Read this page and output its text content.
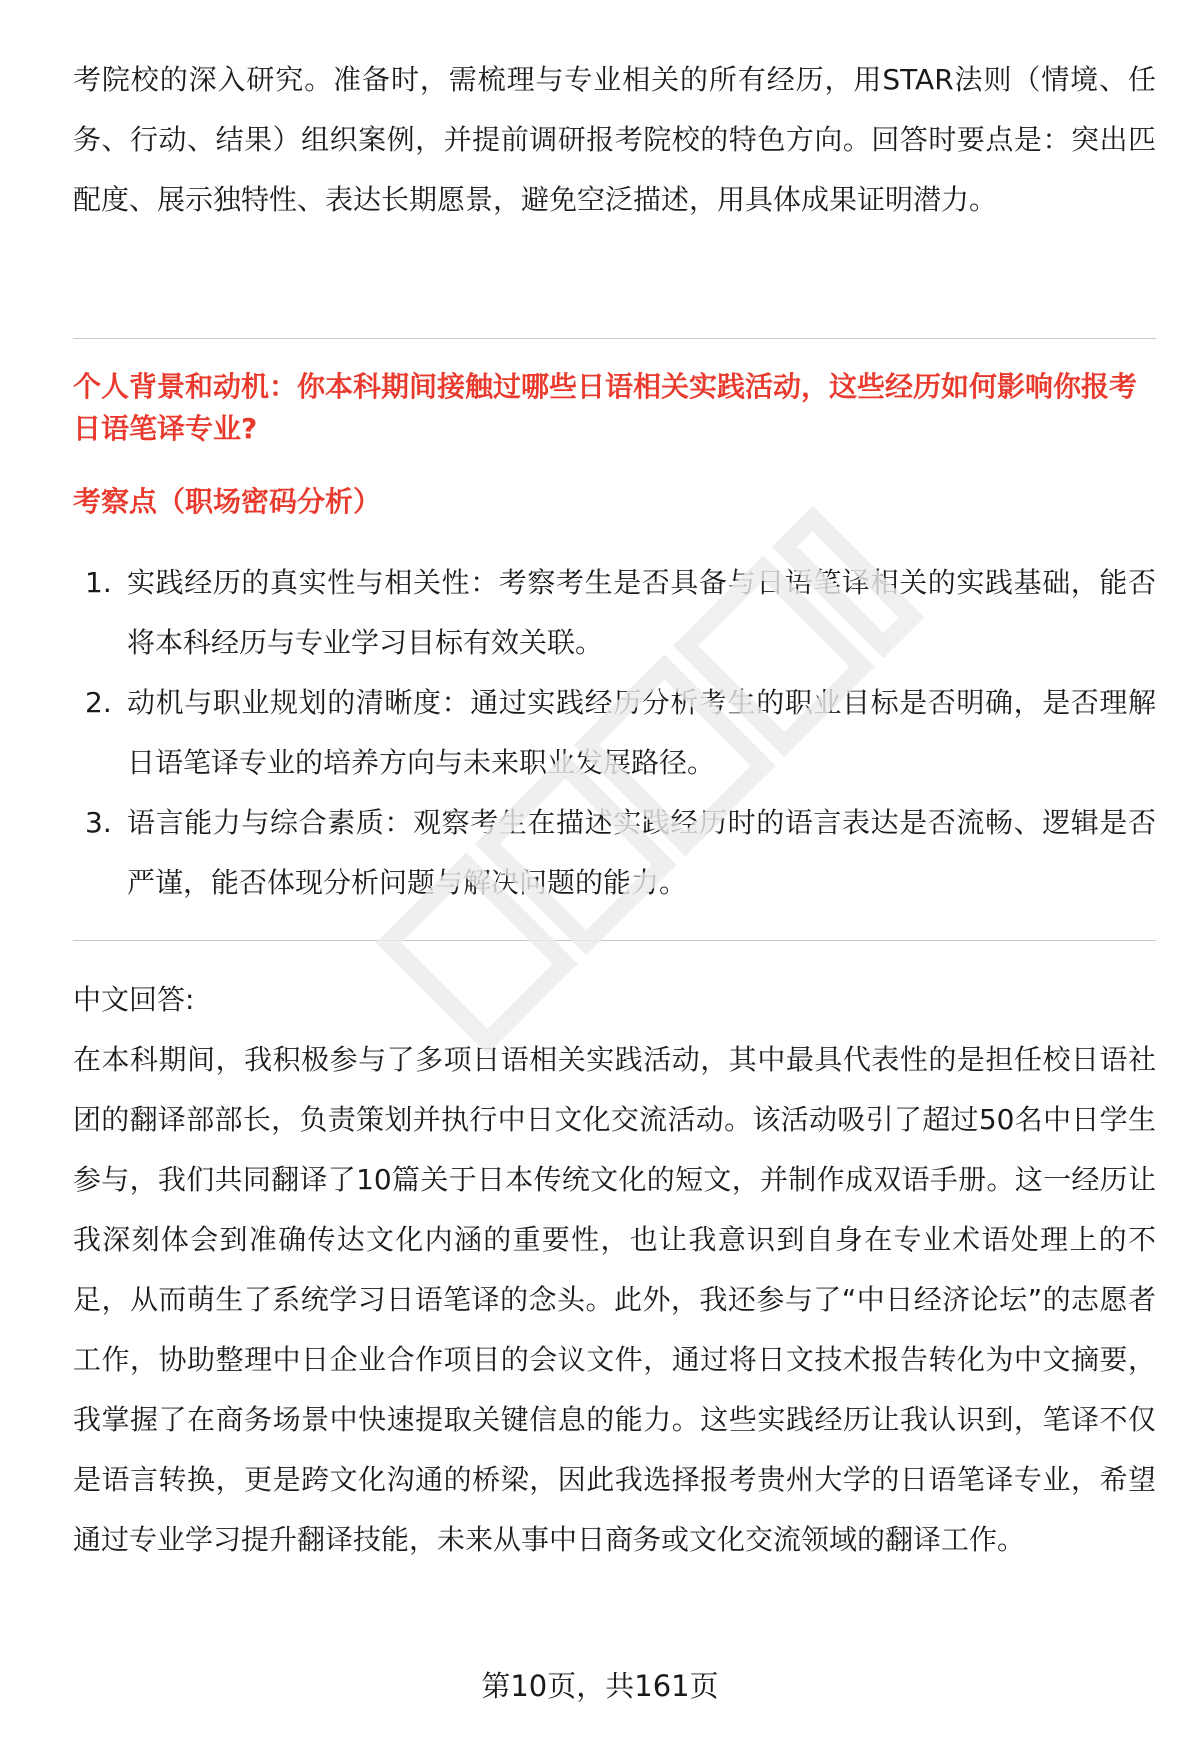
考院校的深入研究。准备时，需梳理与专业相关的所有经历，用STAR法则（情境、任务、行动、结果）组织案例，并提前调研报考院校的特色方向。回答时要点是：突出匹配度、展示独特性、表达长期愿景，避免空泛描述，用具体成果证明潜力。

个人背景和动机：你本科期间接触过哪些日语相关实践活动，这些经历如何影响你报考日语笔译专业?

考察点（职场密码分析）

1. 实践经历的真实性与相关性：考察考生是否具备与日语笔译相关的实践基础，能否将本科经历与专业学习目标有效关联。
2. 动机与职业规划的清晰度：通过实践经历分析考生的职业目标是否明确，是否理解日语笔译专业的培养方向与未来职业发展路径。
3. 语言能力与综合素质：观察考生在描述实践经历时的语言表达是否流畅、逻辑是否严谨，能否体现分析问题与解决问题的能力。

中文回答:

在本科期间，我积极参与了多项日语相关实践活动，其中最具代表性的是担任校日语社团的翻译部部长，负责策划并执行中日文化交流活动。该活动吸引了超过50名中日学生参与，我们共同翻译了10篇关于日本传统文化的短文，并制作成双语手册。这一经历让我深刻体会到准确传达文化内涵的重要性，也让我意识到自身在专业术语处理上的不足，从而萌生了系统学习日语笔译的念头。此外，我还参与了“中日经济论坛”的志愿者工作，协助整理中日企业合作项目的会议文件，通过将日文技术报告转化为中文摘要，我掌握了在商务场景中快速提取关键信息的能力。这些实践经历让我认识到，笔译不仅是语言转换，更是跨文化沟通的桥梁，因此我选择报考贵州大学的日语笔译专业，希望通过专业学习提升翻译技能，未来从事中日商务或文化交流领域的翻译工作。

第10页，共161页
